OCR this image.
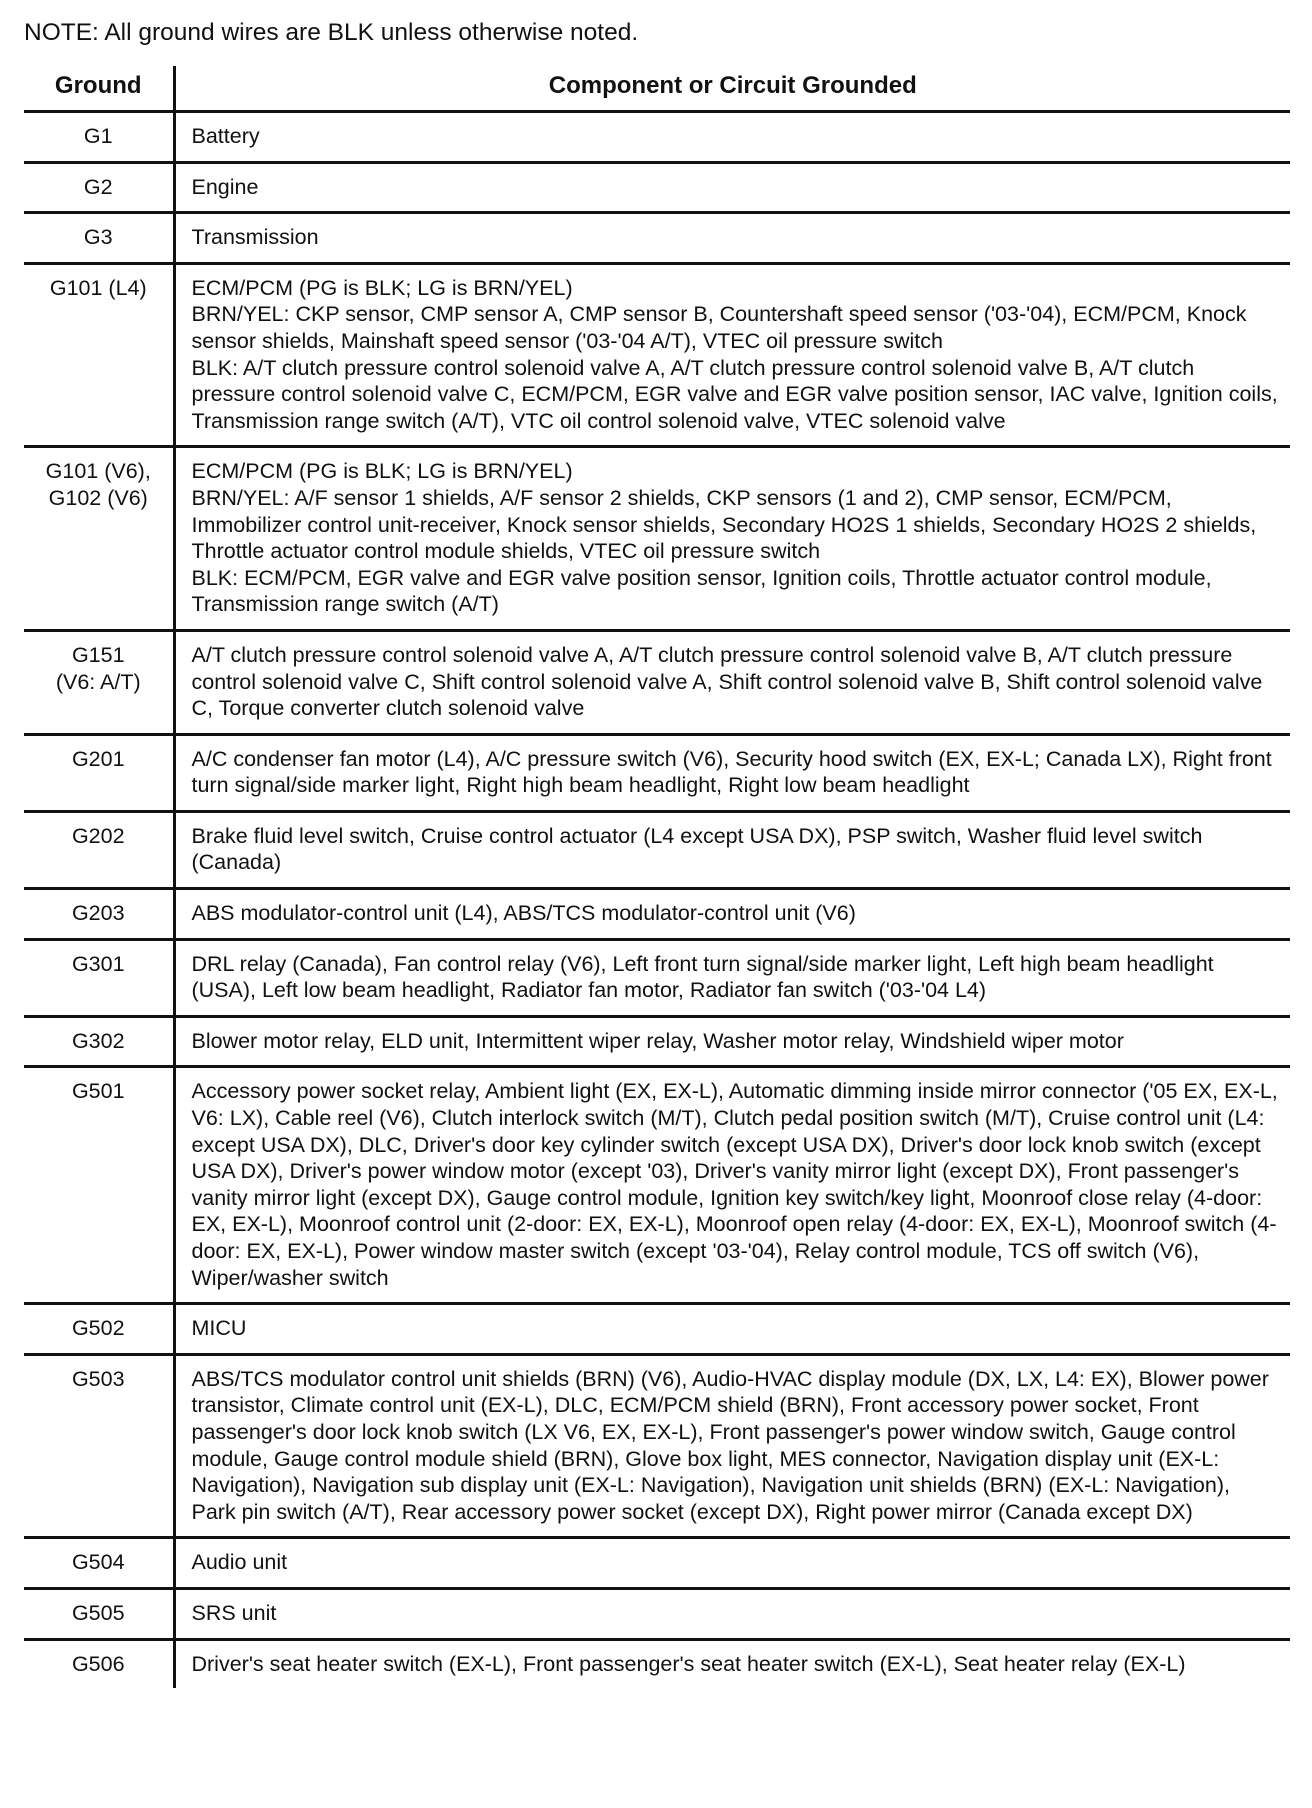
NOTE: All ground wires are BLK unless otherwise noted.
Ground	Component or Circuit Grounded

G1	Battery

G2	Engine

G3	Transmission

G101 (L4)	ECM/PCM (PG is BLK; LG is BRN/YEL)
BRN/YEL: CKP sensor, CMP sensor A, CMP sensor B, Countershaft speed sensor ('03-'04), ECM/PCM, Knock sensor shields, Mainshaft speed sensor ('03-'04 A/T), VTEC oil pressure switch
BLK: A/T clutch pressure control solenoid valve A, A/T clutch pressure control solenoid valve B, A/T clutch pressure control solenoid valve C, ECM/PCM, EGR valve and EGR valve position sensor, IAC valve, Ignition coils, Transmission range switch (A/T), VTC oil control solenoid valve, VTEC solenoid valve

G101 (V6),
G102 (V6)	ECM/PCM (PG is BLK; LG is BRN/YEL)
BRN/YEL: A/F sensor 1 shields, A/F sensor 2 shields, CKP sensors (1 and 2), CMP sensor, ECM/PCM, Immobilizer control unit-receiver, Knock sensor shields, Secondary HO2S 1 shields, Secondary HO2S 2 shields, Throttle actuator control module shields, VTEC oil pressure switch
BLK: ECM/PCM, EGR valve and EGR valve position sensor, Ignition coils, Throttle actuator control module, Transmission range switch (A/T)

G151
(V6: A/T)	A/T clutch pressure control solenoid valve A, A/T clutch pressure control solenoid valve B, A/T clutch pressure control solenoid valve C, Shift control solenoid valve A, Shift control solenoid valve B, Shift control solenoid valve C, Torque converter clutch solenoid valve

G201	A/C condenser fan motor (L4), A/C pressure switch (V6), Security hood switch (EX, EX-L; Canada LX), Right front turn signal/side marker light, Right high beam headlight, Right low beam headlight

G202	Brake fluid level switch, Cruise control actuator (L4 except USA DX), PSP switch, Washer fluid level switch (Canada)

G203	ABS modulator-control unit (L4), ABS/TCS modulator-control unit (V6)

G301	DRL relay (Canada), Fan control relay (V6), Left front turn signal/side marker light, Left high beam headlight (USA), Left low beam headlight, Radiator fan motor, Radiator fan switch ('03-'04 L4)

G302	Blower motor relay, ELD unit, Intermittent wiper relay, Washer motor relay, Windshield wiper motor

G501	Accessory power socket relay, Ambient light (EX, EX-L), Automatic dimming inside mirror connector ('05 EX, EX-L, V6: LX), Cable reel (V6), Clutch interlock switch (M/T), Clutch pedal position switch (M/T), Cruise control unit (L4: except USA DX), DLC, Driver's door key cylinder switch (except USA DX), Driver's door lock knob switch (except USA DX), Driver's power window motor (except '03), Driver's vanity mirror light (except DX), Front passenger's vanity mirror light (except DX), Gauge control module, Ignition key switch/key light, Moonroof close relay (4-door: EX, EX-L), Moonroof control unit (2-door: EX, EX-L), Moonroof open relay (4-door: EX, EX-L), Moonroof switch (4-door: EX, EX-L), Power window master switch (except '03-'04), Relay control module, TCS off switch (V6), Wiper/washer switch

G502	MICU

G503	ABS/TCS modulator control unit shields (BRN) (V6), Audio-HVAC display module (DX, LX, L4: EX), Blower power transistor, Climate control unit (EX-L), DLC, ECM/PCM shield (BRN), Front accessory power socket, Front passenger's door lock knob switch (LX V6, EX, EX-L), Front passenger's power window switch, Gauge control module, Gauge control module shield (BRN), Glove box light, MES connector, Navigation display unit (EX-L: Navigation), Navigation sub display unit (EX-L: Navigation), Navigation unit shields (BRN) (EX-L: Navigation), Park pin switch (A/T), Rear accessory power socket (except DX), Right power mirror (Canada except DX)

G504	Audio unit

G505	SRS unit

G506	Driver's seat heater switch (EX-L), Front passenger's seat heater switch (EX-L), Seat heater relay (EX-L)
